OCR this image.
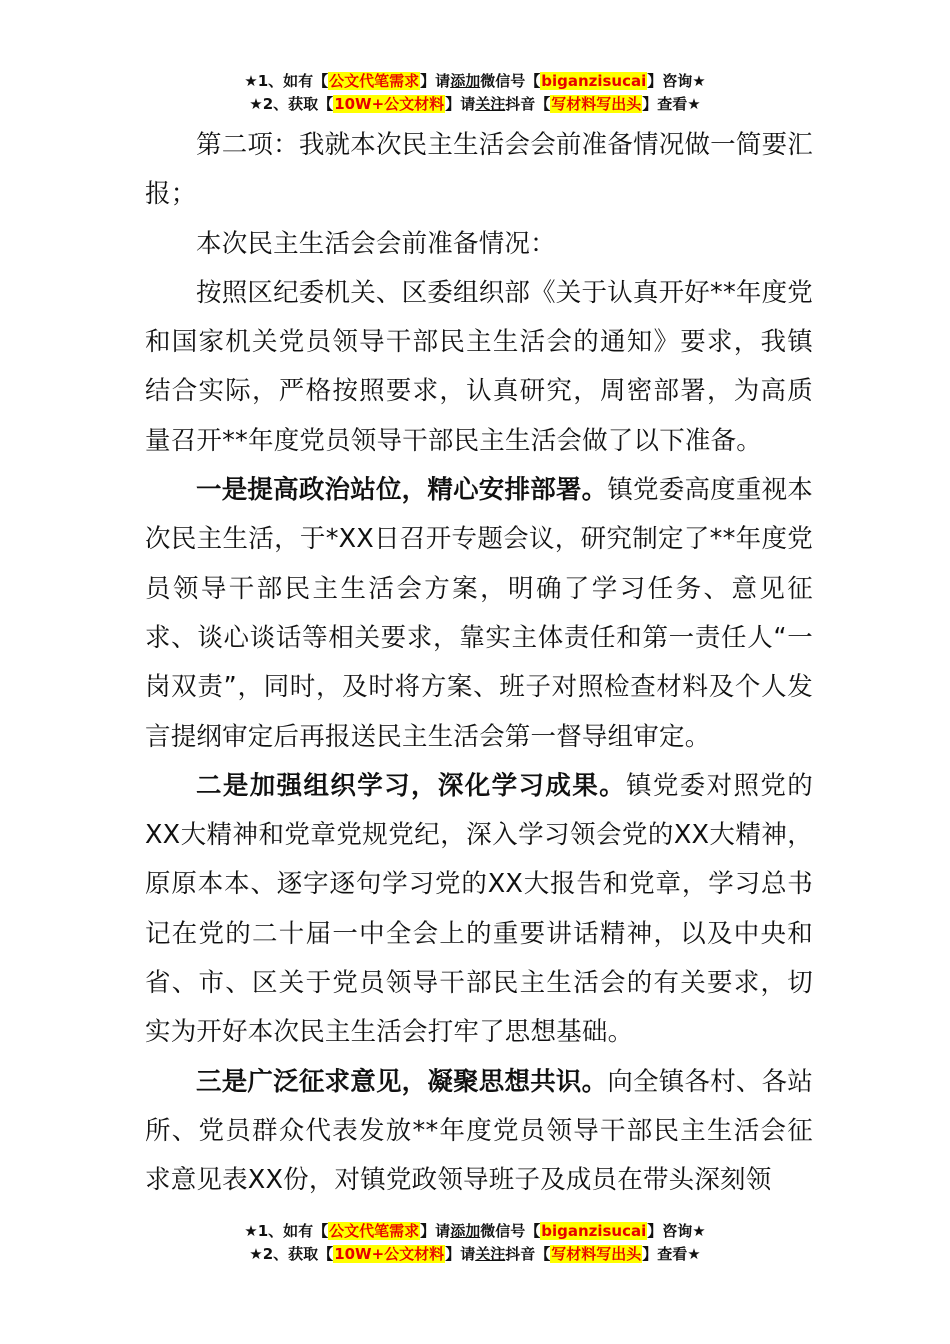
★1、如有【公文代笔需求】请添加微信号【biganzisucai】咨询★
★2、获取【10W+公文材料】请关注抖音【写材料写出头】查看★

第二项：我就本次民主生活会会前准备情况做一简要汇报；

本次民主生活会会前准备情况：

按照区纪委机关、区委组织部《关于认真开好**年度党和国家机关党员领导干部民主生活会的通知》要求，我镇结合实际，严格按照要求，认真研究，周密部署，为高质量召开**年度党员领导干部民主生活会做了以下准备。

一是提高政治站位，精心安排部署。镇党委高度重视本次民主生活，于*XX日召开专题会议，研究制定了**年度党员领导干部民主生活会方案，明确了学习任务、意见征求、谈心谈话等相关要求，靠实主体责任和第一责任人“一岗双责”，同时，及时将方案、班子对照检查材料及个人发言提纲审定后再报送民主生活会第一督导组审定。

二是加强组织学习，深化学习成果。镇党委对照党的XX大精神和党章党规党纪，深入学习领会党的XX大精神，原原本本、逐字逐句学习党的XX大报告和党章，学习总书记在党的二十届一中全会上的重要讲话精神，以及中央和省、市、区关于党员领导干部民主生活会的有关要求，切实为开好本次民主生活会打牢了思想基础。

三是广泛征求意见，凝聚思想共识。向全镇各村、各站所、党员群众代表发放**年度党员领导干部民主生活会征求意见表XX份，对镇党政领导班子及成员在带头深刻领

★1、如有【公文代笔需求】请添加微信号【biganzisucai】咨询★
★2、获取【10W+公文材料】请关注抖音【写材料写出头】查看★
